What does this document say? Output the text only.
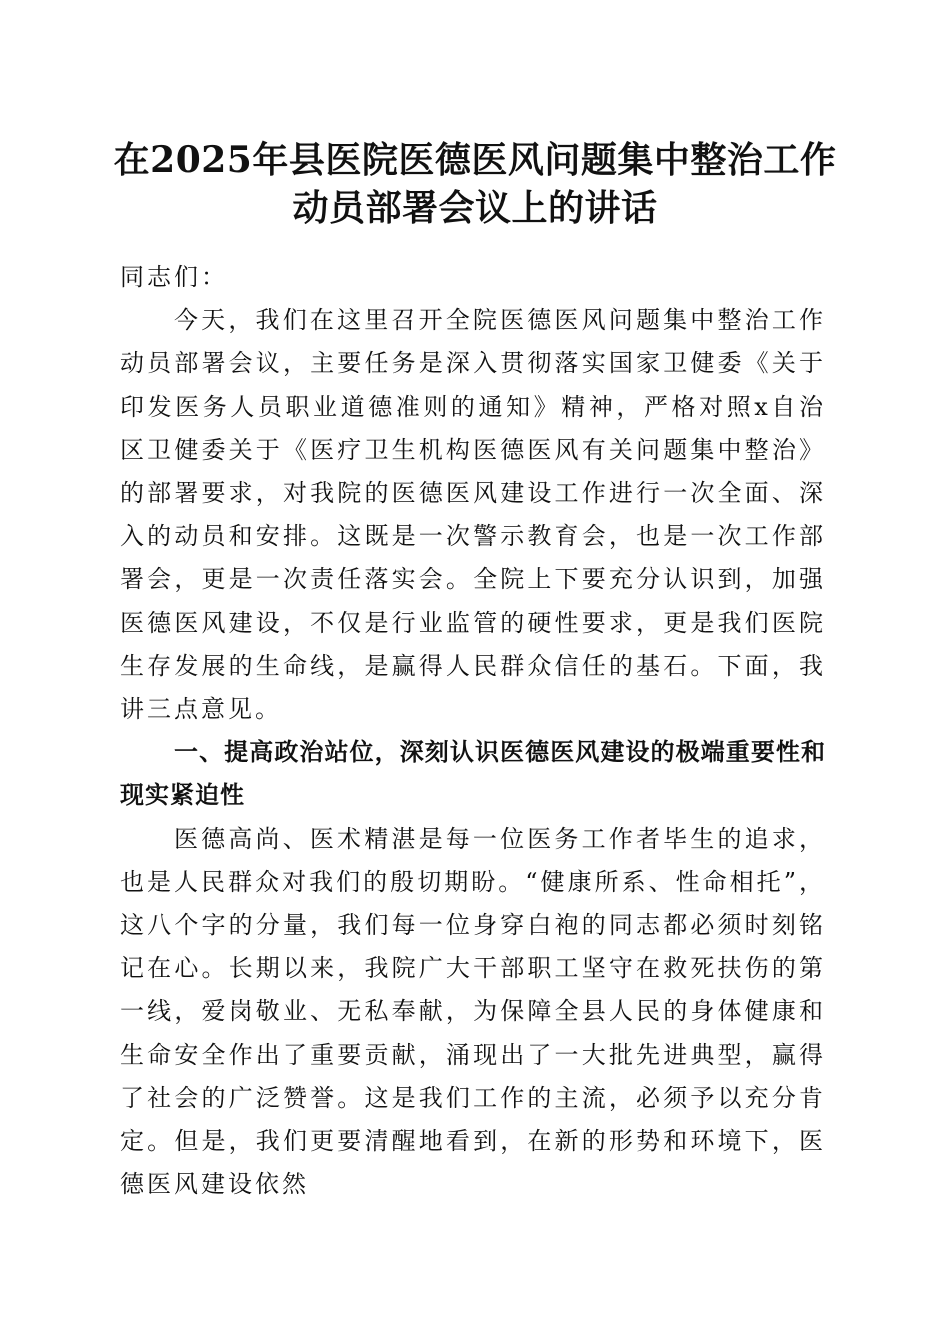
在2025年县医院医德医风问题集中整治工作
动员部署会议上的讲话

同志们：

今天，我们在这里召开全院医德医风问题集中整治工作动员部署会议，主要任务是深入贯彻落实国家卫健委《关于印发医务人员职业道德准则的通知》精神，严格对照x自治区卫健委关于《医疗卫生机构医德医风有关问题集中整治》的部署要求，对我院的医德医风建设工作进行一次全面、深入的动员和安排。这既是一次警示教育会，也是一次工作部署会，更是一次责任落实会。全院上下要充分认识到，加强医德医风建设，不仅是行业监管的硬性要求，更是我们医院生存发展的生命线，是赢得人民群众信任的基石。下面，我讲三点意见。

一、提高政治站位，深刻认识医德医风建设的极端重要性和现实紧迫性

医德高尚、医术精湛是每一位医务工作者毕生的追求，也是人民群众对我们的殷切期盼。“健康所系、性命相托”，这八个字的分量，我们每一位身穿白袍的同志都必须时刻铭记在心。长期以来，我院广大干部职工坚守在救死扶伤的第一线，爱岗敬业、无私奉献，为保障全县人民的身体健康和生命安全作出了重要贡献，涌现出了一大批先进典型，赢得了社会的广泛赞誉。这是我们工作的主流，必须予以充分肯定。但是，我们更要清醒地看到，在新的形势和环境下，医德医风建设依然
